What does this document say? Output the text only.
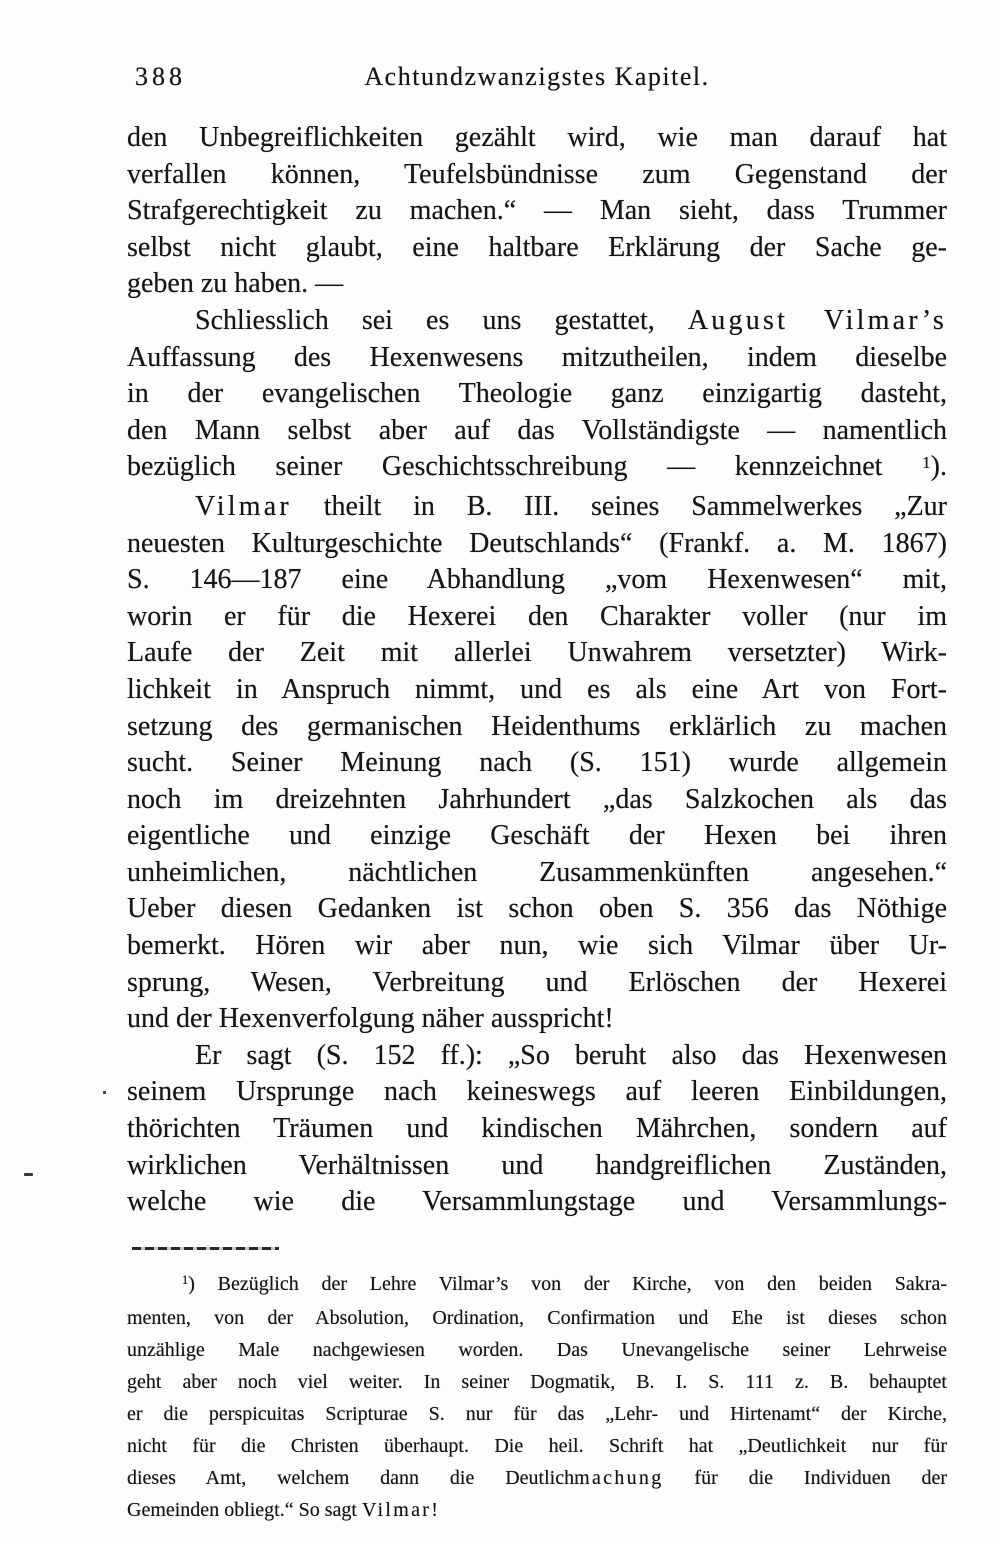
388	Achtundzwanzigstes Kapitel.
den Unbegreiflichkeiten gezählt wird, wie man darauf hat
verfallen können, Teufelsbündnisse zum Gegenstand der
Strafgerechtigkeit zu machen.“ — Man sieht, dass Trummer
selbst nicht glaubt, eine haltbare Erklärung der Sache ge-
geben zu haben. —
Schliesslich sei es uns gestattet, August Vilmar’s
Auffassung des Hexenwesens mitzutheilen, indem dieselbe
in der evangelischen Theologie ganz einzigartig dasteht,
den Mann selbst aber auf das Vollständigste — namentlich
bezüglich seiner Geschichtsschreibung — kennzeichnet $^1$).
Vilmar theilt in B. III. seines Sammelwerkes „Zur
neuesten Kulturgeschichte Deutschlands“ (Frankf. a. M. 1867)
S. 146—187 eine Abhandlung „vom Hexenwesen“ mit,
worin er für die Hexerei den Charakter voller (nur im
Laufe der Zeit mit allerlei Unwahrem versetzter) Wirk-
lichkeit in Anspruch nimmt, und es als eine Art von Fort-
setzung des germanischen Heidenthums erklärlich zu machen
sucht. Seiner Meinung nach (S. 151) wurde allgemein
noch im dreizehnten Jahrhundert „das Salzkochen als das
eigentliche und einzige Geschäft der Hexen bei ihren
unheimlichen, nächtlichen Zusammenkünften angesehen.“
Ueber diesen Gedanken ist schon oben S. 356 das Nöthige
bemerkt. Hören wir aber nun, wie sich Vilmar über Ur-
sprung, Wesen, Verbreitung und Erlöschen der Hexerei
und der Hexenverfolgung näher ausspricht!
Er sagt (S. 152 ff.): „So beruht also das Hexenwesen
seinem Ursprunge nach keineswegs auf leeren Einbildungen,
thörichten Träumen und kindischen Mährchen, sondern auf
wirklichen Verhältnissen und handgreiflichen Zuständen,
welche wie die Versammlungstage und Versammlungs-
$^1$) Bezüglich der Lehre Vilmar’s von der Kirche, von den beiden Sakra-
menten, von der Absolution, Ordination, Confirmation und Ehe ist dieses schon
unzählige Male nachgewiesen worden. Das Unevangelische seiner Lehrweise
geht aber noch viel weiter. In seiner Dogmatik, B. I. S. 111 z. B. behauptet
er die perspicuitas Scripturae S. nur für das „Lehr- und Hirtenamt“ der Kirche,
nicht für die Christen überhaupt. Die heil. Schrift hat „Deutlichkeit nur für
dieses Amt, welchem dann die Deutlichmachung für die Individuen der
Gemeinden obliegt.“ So sagt Vilmar!
